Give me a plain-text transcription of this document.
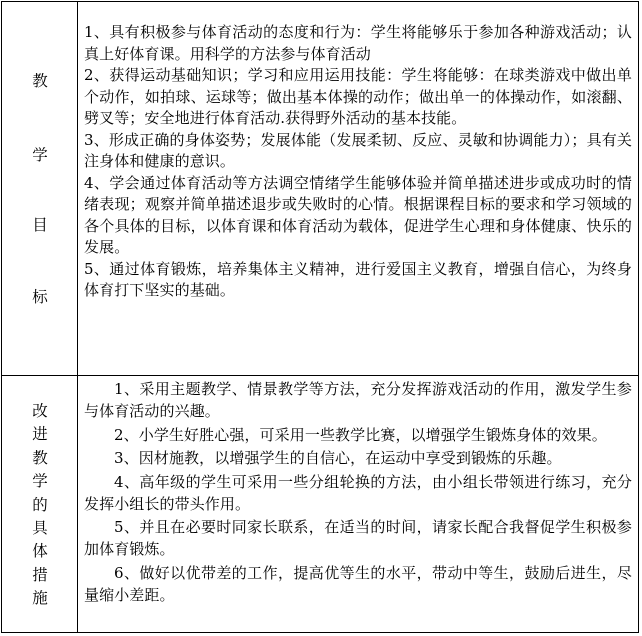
教
学
目
标

1、具有积极参与体育活动的态度和行为：学生将能够乐于参加各种游戏活动；认真上好体育课。用科学的方法参与体育活动

2、获得运动基础知识；学习和应用运用技能：学生将能够：在球类游戏中做出单个动作，如拍球、运球等；做出基本体操的动作；做出单一的体操动作，如滚翻、劈叉等；安全地进行体育活动.获得野外活动的基本技能。

3、形成正确的身体姿势；发展体能（发展柔韧、反应、灵敏和协调能力）；具有关注身体和健康的意识。

4、学会通过体育活动等方法调空情绪学生能够体验并简单描述进步或成功时的情绪表现；观察并简单描述退步或失败时的心情。根据课程目标的要求和学习领域的各个具体的目标，以体育课和体育活动为载体，促进学生心理和身体健康、快乐的发展。

5、通过体育锻炼，培养集体主义精神，进行爱国主义教育，增强自信心，为终身体育打下坚实的基础。

改
进
教
学
的
具
体
措
施

1、采用主题教学、情景教学等方法，充分发挥游戏活动的作用，激发学生参与体育活动的兴趣。

2、小学生好胜心强，可采用一些教学比赛，以增强学生锻炼身体的效果。

3、因材施教，以增强学生的自信心，在运动中享受到锻炼的乐趣。

4、高年级的学生可采用一些分组轮换的方法，由小组长带领进行练习，充分发挥小组长的带头作用。

5、并且在必要时同家长联系，在适当的时间，请家长配合我督促学生积极参加体育锻炼。

6、做好以优带差的工作，提高优等生的水平，带动中等生，鼓励后进生，尽量缩小差距。
